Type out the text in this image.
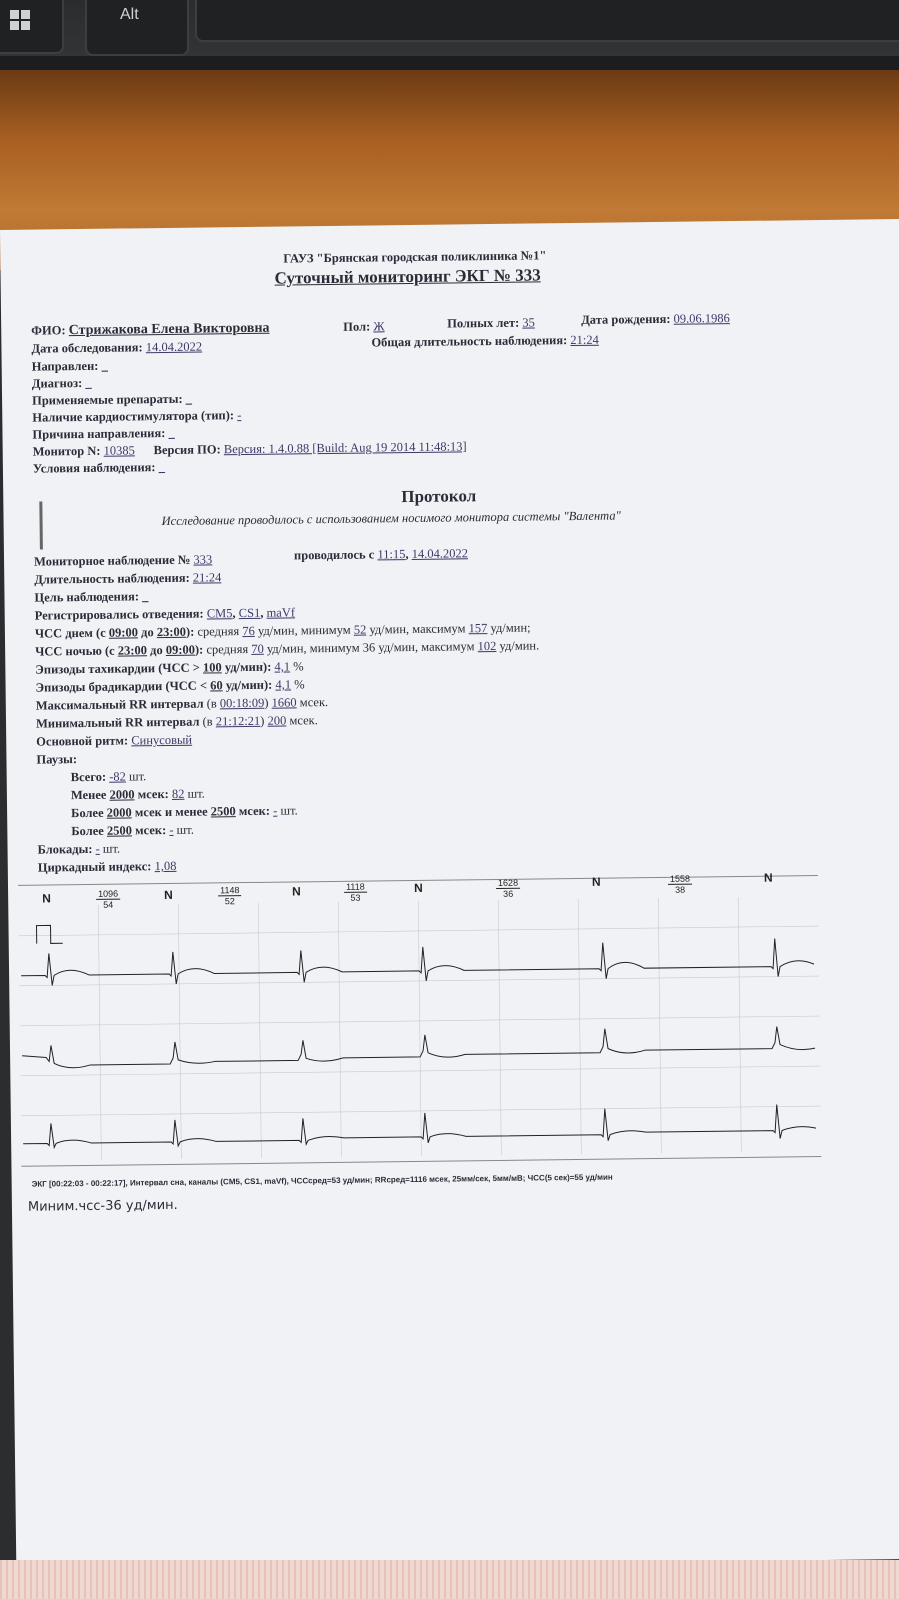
Alt
ГАУЗ "Брянская городская поликлиника №1"
Суточный мониторинг ЭКГ № 333
ФИО: Стрижакова Елена Викторовна	Пол: Ж	Полных лет: 35	Дата рождения: 09.06.1986
Дата обследования: 14.04.2022	Общая длительность наблюдения: 21:24
Направлен: _
Диагноз: _
Применяемые препараты: _
Наличие кардиостимулятора (тип): -
Причина направления: _
Монитор N: 10385 Версия ПО: Версия: 1.4.0.88 [Build: Aug 19 2014 11:48:13]
Условия наблюдения: _
Протокол
Исследование проводилось с использованием носимого монитора системы "Валента"
Мониторное наблюдение № 333	проводилось с 11:15, 14.04.2022
Длительность наблюдения: 21:24
Цель наблюдения: _
Регистрировались отведения: CM5, CS1, maVf
ЧСС днем (с 09:00 до 23:00): средняя 76 уд/мин, минимум 52 уд/мин, максимум 157 уд/мин;
ЧСС ночью (с 23:00 до 09:00): средняя 70 уд/мин, минимум 36 уд/мин, максимум 102 уд/мин.
Эпизоды тахикардии (ЧСС > 100 уд/мин): 4,1 %
Эпизоды брадикардии (ЧСС < 60 уд/мин): 4,1 %
Максимальный RR интервал (в 00:18:09) 1660 мсек.
Минимальный RR интервал (в 21:12:21) 200 мсек.
Основной ритм: Синусовый
Паузы:
Всего: -82 шт.
Менее 2000 мсек: 82 шт.
Более 2000 мсек и менее 2500 мсек: - шт.
Более 2500 мсек: - шт.
Блокады: - шт.
Циркадный индекс: 1,08
N	N	N	N	N	N
1096
54
1148
52
1118
53
1628
36
1558
38
ЭКГ [00:22:03 - 00:22:17], Интервал сна, каналы (CM5, CS1, maVf), ЧССсред=53 уд/мин; RRсред=1116 мсек, 25мм/сек, 5мм/мВ; ЧСС(5 сек)=55 уд/мин
Миним.чсс-36 уд/мин.
